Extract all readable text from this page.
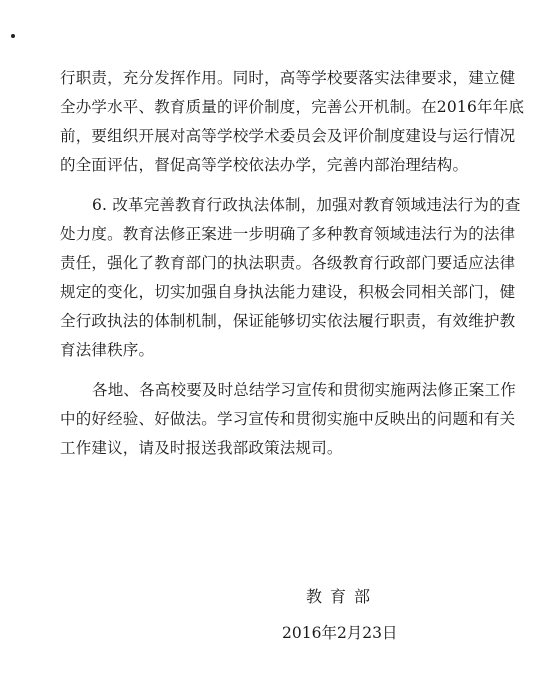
行职责，充分发挥作用。同时，高等学校要落实法律要求，建立健

全办学水平、教育质量的评价制度，完善公开机制。在2016年年底

前，要组织开展对高等学校学术委员会及评价制度建设与运行情况

的全面评估，督促高等学校依法办学，完善内部治理结构。

6. 改革完善教育行政执法体制，加强对教育领域违法行为的查

处力度。教育法修正案进一步明确了多种教育领域违法行为的法律

责任，强化了教育部门的执法职责。各级教育行政部门要适应法律

规定的变化，切实加强自身执法能力建设，积极会同相关部门，健

全行政执法的体制机制，保证能够切实依法履行职责，有效维护教

育法律秩序。

各地、各高校要及时总结学习宣传和贯彻实施两法修正案工作

中的好经验、好做法。学习宣传和贯彻实施中反映出的问题和有关

工作建议，请及时报送我部政策法规司。

教育部

2016年2月23日
